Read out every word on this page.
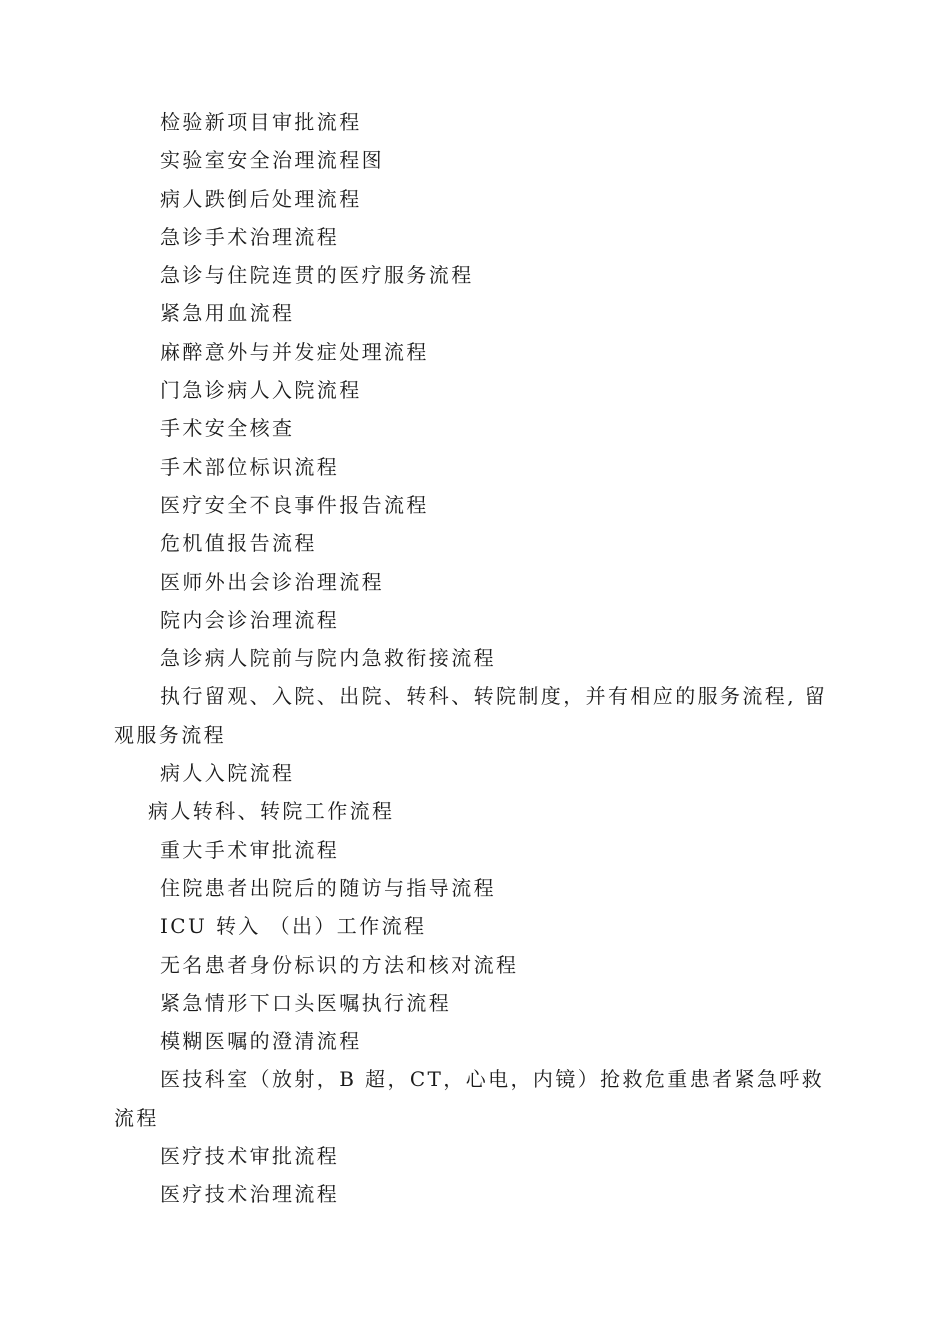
检验新项目审批流程
实验室安全治理流程图
病人跌倒后处理流程
急诊手术治理流程
急诊与住院连贯的医疗服务流程
紧急用血流程
麻醉意外与并发症处理流程
门急诊病人入院流程
手术安全核查
手术部位标识流程
医疗安全不良事件报告流程
危机值报告流程
医师外出会诊治理流程
院内会诊治理流程
急诊病人院前与院内急救衔接流程
执行留观、入院、出院、转科、转院制度，并有相应的服务流程, 留观服务流程
病人入院流程
病人转科、转院工作流程
重大手术审批流程
住院患者出院后的随访与指导流程
ICU 转入 （出）工作流程
无名患者身份标识的方法和核对流程
紧急情形下口头医嘱执行流程
模糊医嘱的澄清流程
医技科室（放射，B 超，CT，心电，内镜）抢救危重患者紧急呼救流程
医疗技术审批流程
医疗技术治理流程
